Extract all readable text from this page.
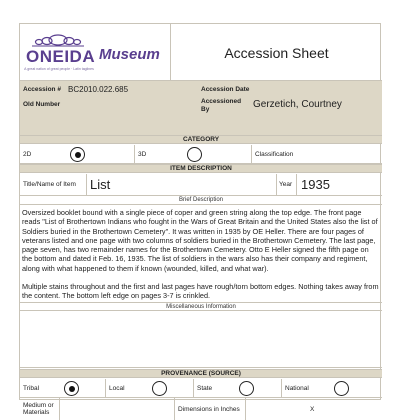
ONEIDA
A great nation of great people · Latin taglines
Museum	Accession Sheet
Accession # BC2010.022.685	Accession Date
Old Number	Accessioned By	Gerzetich, Courtney
CATEGORY
2D	3D	Classification
ITEM DESCRIPTION
Title/Name of Item List	Year 1935
Brief Description

Oversized booklet bound with a single piece of coper and green string along the top edge. The front page reads "List of Brothertown Indians who fought in the Wars of Great Britain and the United States also the list of Soldiers buried in the Brothertown Cemetery". It was written in 1935 by OE Heller. There are four pages of veterans listed and one page with two columns of soldiers buried in the Brothertown Cemetery. The last page, page seven, has two remainder names for the Brothertown Cemetery. Otto E Heller signed the fifth page on the bottom and dated it Feb. 16, 1935. The list of soldiers in the wars also has their company and regiment, along with what happened to them if known (wounded, killed, and what war).

Multiple stains throughout and the first and last pages have rough/torn bottom edges. Nothing takes away from the content. The bottom left edge on pages 3-7 is crinkled.

Miscellaneous Information
PROVENANCE (SOURCE)
Tribal	Local	State	National
Medium or Materials	Dimensions in Inches	X
